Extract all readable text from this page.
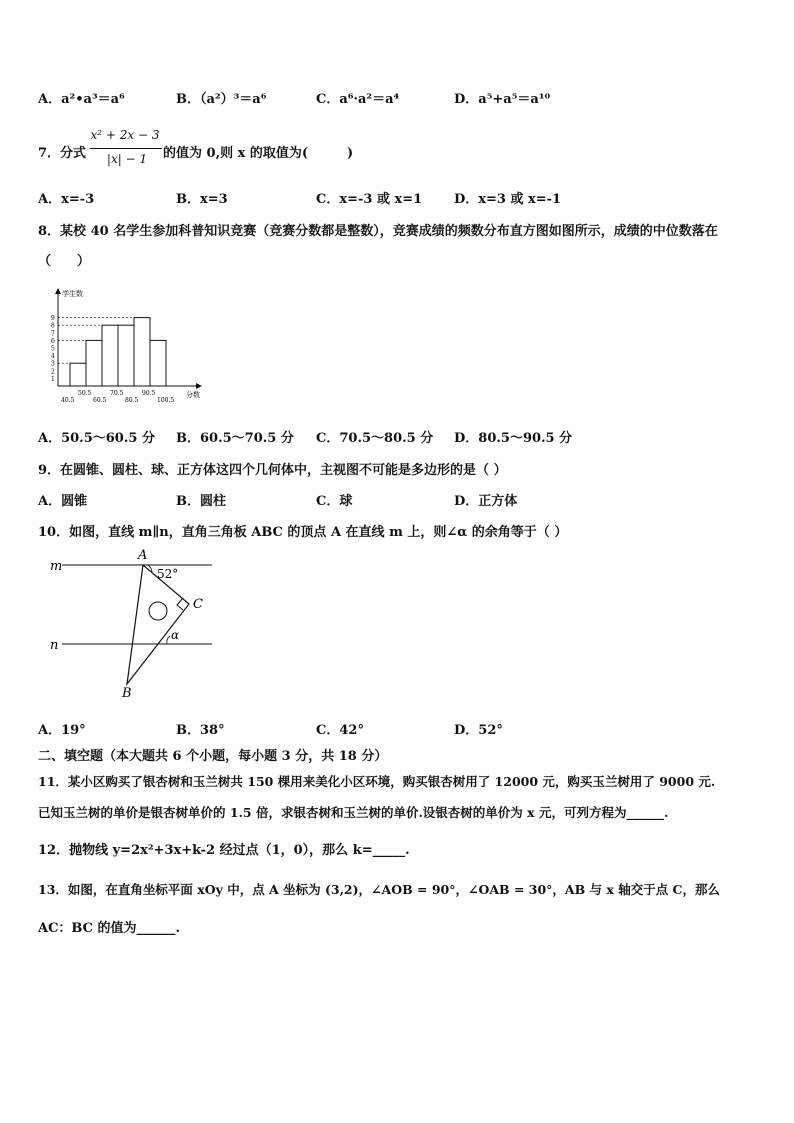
A．a²•a³＝a⁶	B．（a²）³＝a⁶	C．a⁶·a²＝a⁴	D．a⁵+a⁵＝a¹⁰
7．分式
x² + 2x − 3
|x| − 1	的值为 0,则 x 的取值为(　　　)
A．x=-3	B．x=3	C．x=-3 或 x=1 D．x=3 或 x=-1
8．某校 40 名学生参加科普知识竞赛（竞赛分数都是整数），竞赛成绩的频数分布直方图如图所示，成绩的中位数落在
（　　）
学生数
分数
1
2
3
4
5
6
7
8
9
40.5	60.5	80.5	100.5
50.5	70.5	90.5
A．50.5～60.5 分 B．60.5～70.5 分 C．70.5～80.5 分 D．80.5～90.5 分
9．在圆锥、圆柱、球、正方体这四个几何体中，主视图不可能是多边形的是（ ）
A．圆锥	B．圆柱	C．球	D．正方体
10．如图，直线 m∥n，直角三角板 ABC 的顶点 A 在直线 m 上，则∠α 的余角等于（ ）
m
n
A
B
C
52°
α
A．19°	B．38°	C．42°	D．52°
二、填空题（本大题共 6 个小题，每小题 3 分，共 18 分）
11．某小区购买了银杏树和玉兰树共 150 棵用来美化小区环境，购买银杏树用了 12000 元，购买玉兰树用了 9000 元.
已知玉兰树的单价是银杏树单价的 1.5 倍，求银杏树和玉兰树的单价.设银杏树的单价为 x 元，可列方程为______.
12．抛物线 y=2x²+3x+k-2 经过点（1，0），那么 k=_____.
13．如图，在直角坐标平面 xOy 中，点 A 坐标为 (3,2)，∠AOB = 90°，∠OAB = 30°，AB 与 x 轴交于点 C，那么
AC：BC 的值为______.
